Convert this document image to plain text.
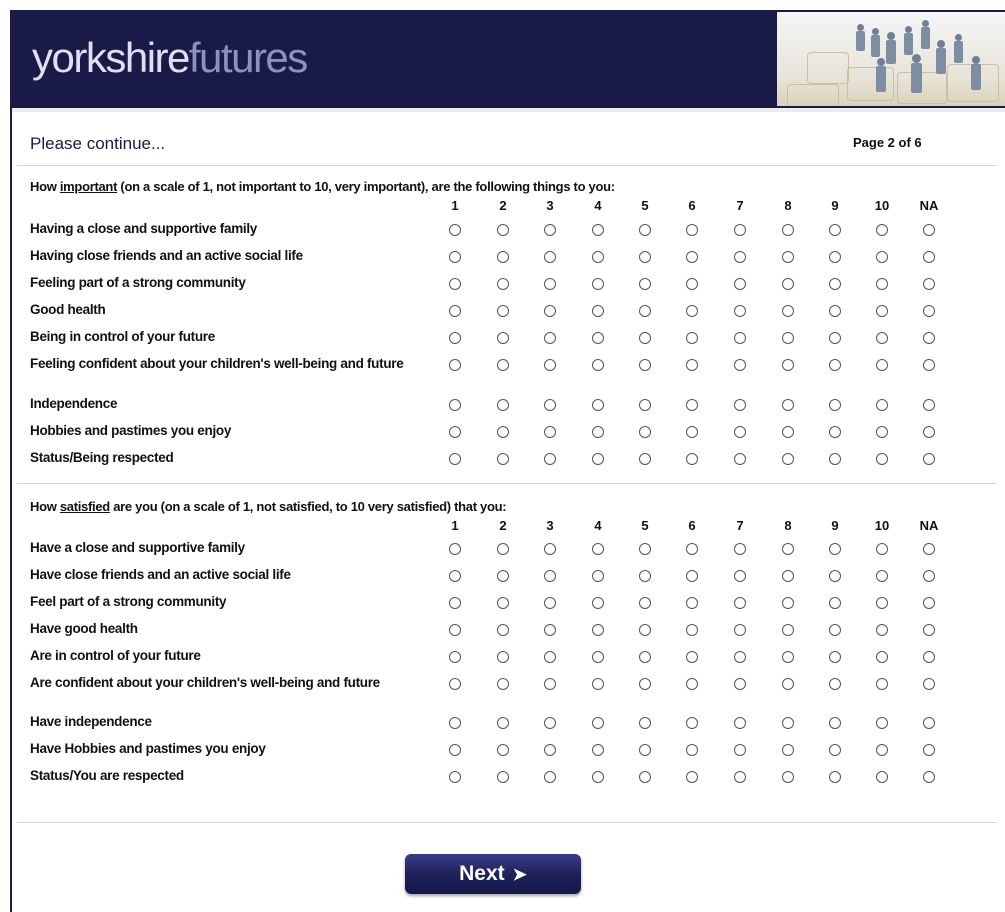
yorkshirefutures
Please continue...	Page 2 of 6
How important (on a scale of 1, not important to 10, very important), are the following things to you:
1	2	3	4	5	6	7	8	9	10	NA
Having a close and supportive family
Having close friends and an active social life
Feeling part of a strong community
Good health
Being in control of your future
Feeling confident about your children's well-being and future
Independence
Hobbies and pastimes you enjoy
Status/Being respected
How satisfied are you (on a scale of 1, not satisfied, to 10 very satisfied) that you:
1	2	3	4	5	6	7	8	9	10	NA
Have a close and supportive family
Have close friends and an active social life
Feel part of a strong community
Have good health
Are in control of your future
Are confident about your children's well-being and future
Have independence
Have Hobbies and pastimes you enjoy
Status/You are respected
Next ➤
